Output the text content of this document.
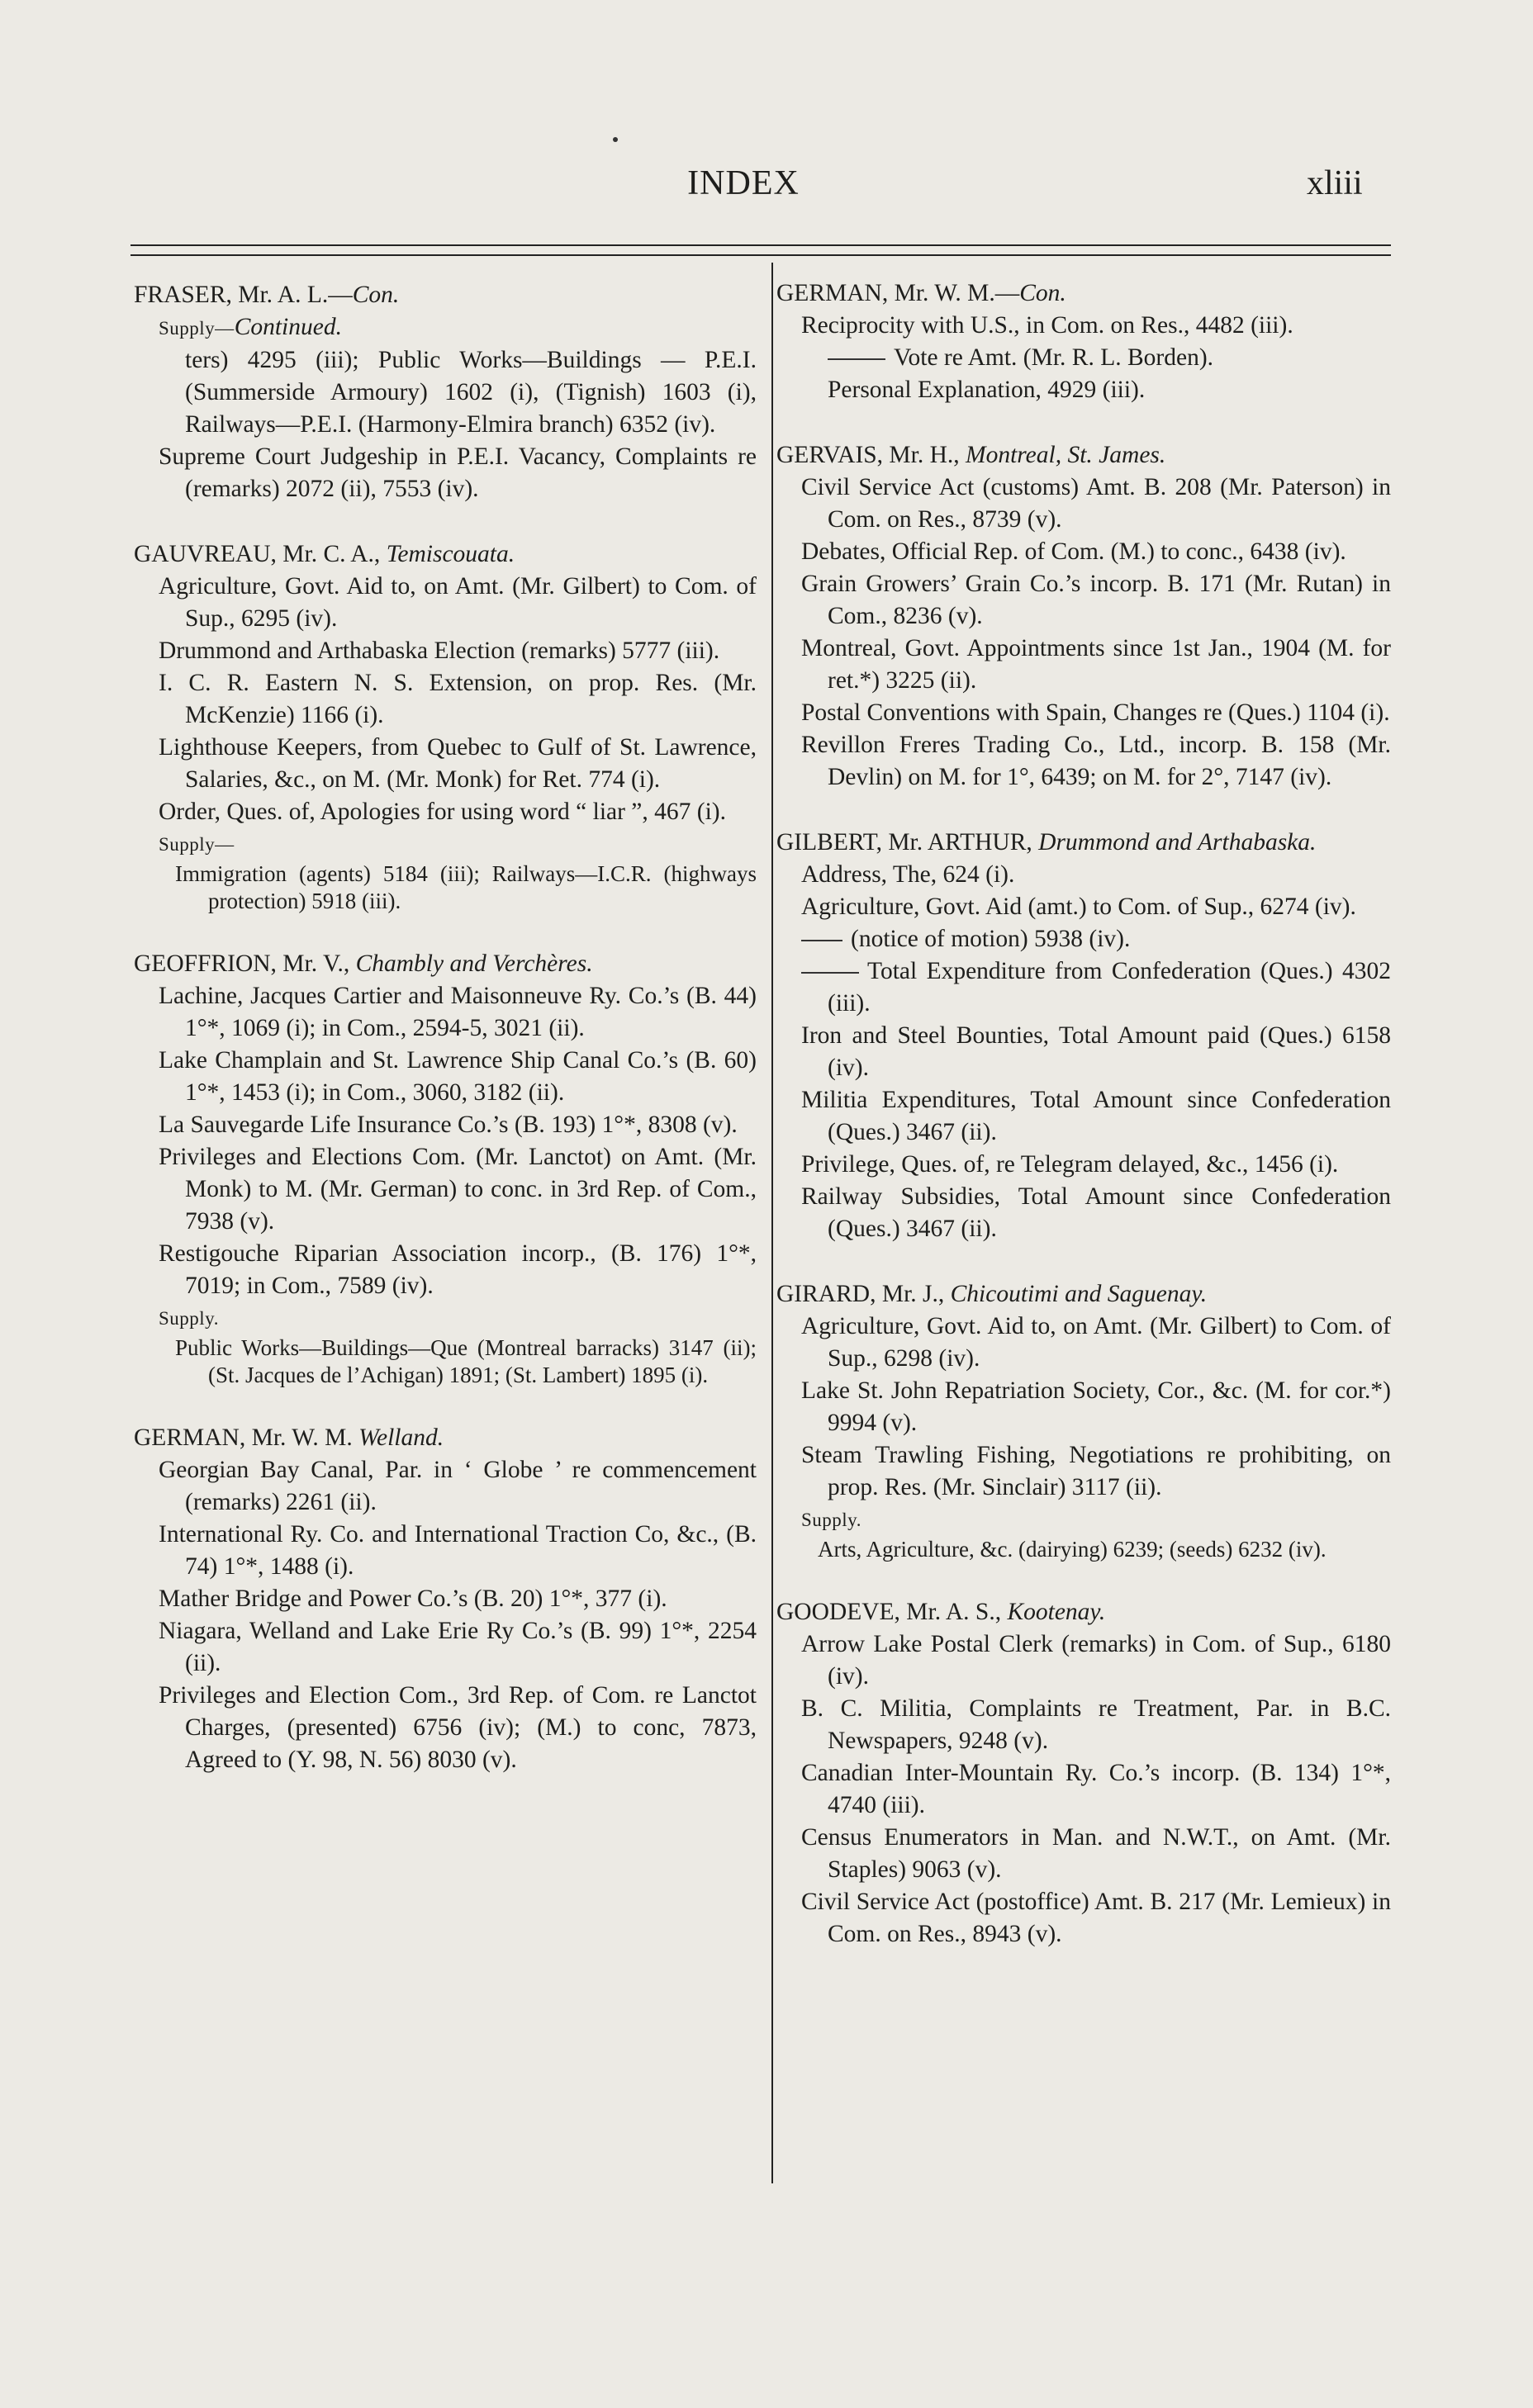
INDEX	xliii
FRASER, Mr. A. L.—Con.
Supply—Continued.
ters) 4295 (iii); Public Works—Buildings — P.E.I. (Summerside Armoury) 1602 (i), (Tignish) 1603 (i), Railways—P.E.I. (Harmony-Elmira branch) 6352 (iv).
Supreme Court Judgeship in P.E.I. Vacancy, Complaints re (remarks) 2072 (ii), 7553 (iv).
GAUVREAU, Mr. C. A., Temiscouata.
Agriculture, Govt. Aid to, on Amt. (Mr. Gilbert) to Com. of Sup., 6295 (iv).
Drummond and Arthabaska Election (remarks) 5777 (iii).
I. C. R. Eastern N. S. Extension, on prop. Res. (Mr. McKenzie) 1166 (i).
Lighthouse Keepers, from Quebec to Gulf of St. Lawrence, Salaries, &c., on M. (Mr. Monk) for Ret. 774 (i).
Order, Ques. of, Apologies for using word “ liar ”, 467 (i).
Supply—
Immigration (agents) 5184 (iii); Railways—I.C.R. (highways protection) 5918 (iii).
GEOFFRION, Mr. V., Chambly and Verchères.
Lachine, Jacques Cartier and Maisonneuve Ry. Co.’s (B. 44) 1°*, 1069 (i); in Com., 2594-5, 3021 (ii).
Lake Champlain and St. Lawrence Ship Canal Co.’s (B. 60) 1°*, 1453 (i); in Com., 3060, 3182 (ii).
La Sauvegarde Life Insurance Co.’s (B. 193) 1°*, 8308 (v).
Privileges and Elections Com. (Mr. Lanctot) on Amt. (Mr. Monk) to M. (Mr. German) to conc. in 3rd Rep. of Com., 7938 (v).
Restigouche Riparian Association incorp., (B. 176) 1°*, 7019; in Com., 7589 (iv).
Supply.
Public Works—Buildings—Que (Montreal barracks) 3147 (ii); (St. Jacques de l’Achigan) 1891; (St. Lambert) 1895 (i).
GERMAN, Mr. W. M. Welland.
Georgian Bay Canal, Par. in ‘ Globe ’ re commencement (remarks) 2261 (ii).
International Ry. Co. and International Traction Co, &c., (B. 74) 1°*, 1488 (i).
Mather Bridge and Power Co.’s (B. 20) 1°*, 377 (i).
Niagara, Welland and Lake Erie Ry Co.’s (B. 99) 1°*, 2254 (ii).
Privileges and Election Com., 3rd Rep. of Com. re Lanctot Charges, (presented) 6756 (iv); (M.) to conc, 7873, Agreed to (Y. 98, N. 56) 8030 (v).
GERMAN, Mr. W. M.—Con.
Reciprocity with U.S., in Com. on Res., 4482 (iii).
Vote re Amt. (Mr. R. L. Borden).
Personal Explanation, 4929 (iii).
GERVAIS, Mr. H., Montreal, St. James.
Civil Service Act (customs) Amt. B. 208 (Mr. Paterson) in Com. on Res., 8739 (v).
Debates, Official Rep. of Com. (M.) to conc., 6438 (iv).
Grain Growers’ Grain Co.’s incorp. B. 171 (Mr. Rutan) in Com., 8236 (v).
Montreal, Govt. Appointments since 1st Jan., 1904 (M. for ret.*) 3225 (ii).
Postal Conventions with Spain, Changes re (Ques.) 1104 (i).
Revillon Freres Trading Co., Ltd., incorp. B. 158 (Mr. Devlin) on M. for 1°, 6439; on M. for 2°, 7147 (iv).
GILBERT, Mr. ARTHUR, Drummond and Arthabaska.
Address, The, 624 (i).
Agriculture, Govt. Aid (amt.) to Com. of Sup., 6274 (iv).
(notice of motion) 5938 (iv).
Total Expenditure from Confederation (Ques.) 4302 (iii).
Iron and Steel Bounties, Total Amount paid (Ques.) 6158 (iv).
Militia Expenditures, Total Amount since Confederation (Ques.) 3467 (ii).
Privilege, Ques. of, re Telegram delayed, &c., 1456 (i).
Railway Subsidies, Total Amount since Confederation (Ques.) 3467 (ii).
GIRARD, Mr. J., Chicoutimi and Saguenay.
Agriculture, Govt. Aid to, on Amt. (Mr. Gilbert) to Com. of Sup., 6298 (iv).
Lake St. John Repatriation Society, Cor., &c. (M. for cor.*) 9994 (v).
Steam Trawling Fishing, Negotiations re prohibiting, on prop. Res. (Mr. Sinclair) 3117 (ii).
Supply.
Arts, Agriculture, &c. (dairying) 6239; (seeds) 6232 (iv).
GOODEVE, Mr. A. S., Kootenay.
Arrow Lake Postal Clerk (remarks) in Com. of Sup., 6180 (iv).
B. C. Militia, Complaints re Treatment, Par. in B.C. Newspapers, 9248 (v).
Canadian Inter-Mountain Ry. Co.’s incorp. (B. 134) 1°*, 4740 (iii).
Census Enumerators in Man. and N.W.T., on Amt. (Mr. Staples) 9063 (v).
Civil Service Act (postoffice) Amt. B. 217 (Mr. Lemieux) in Com. on Res., 8943 (v).
